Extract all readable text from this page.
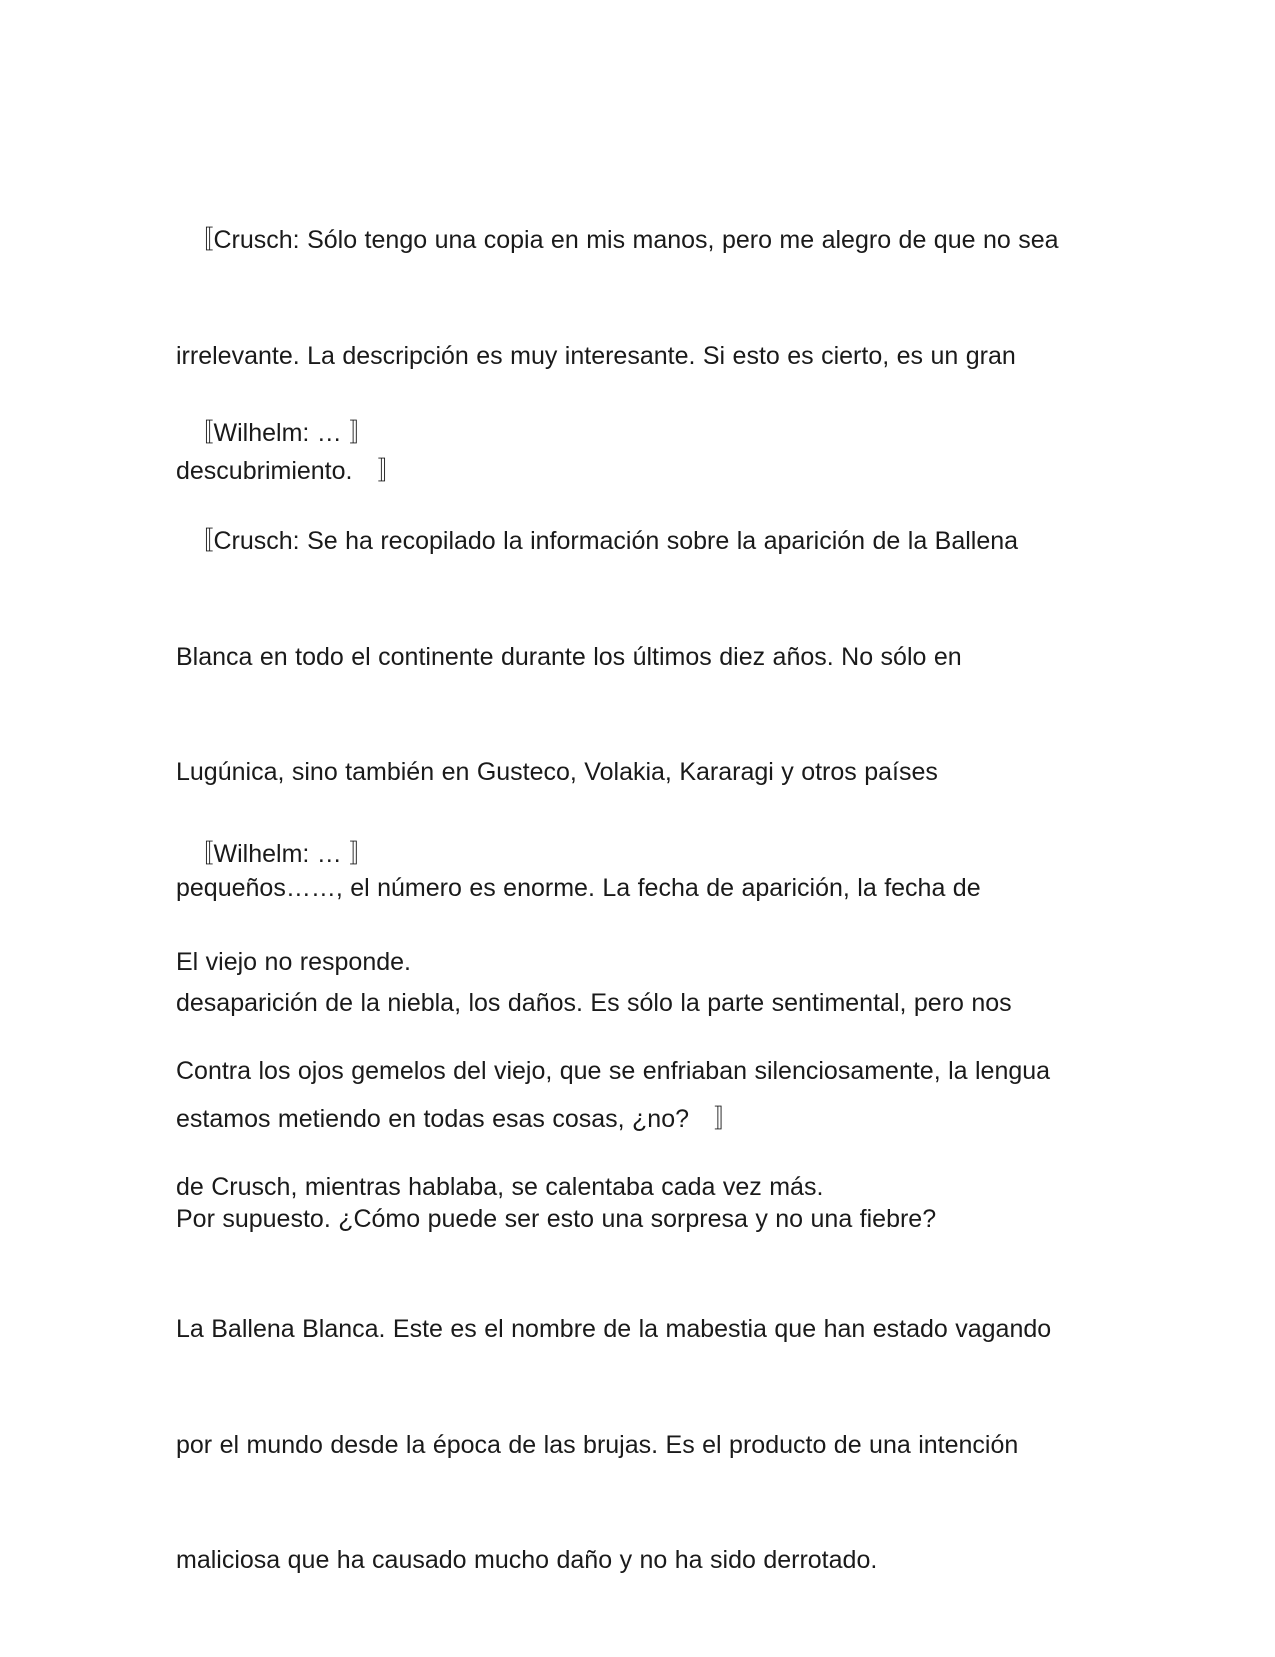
　〚Crusch: Sólo tengo una copia en mis manos, pero me alegro de que no sea

irrelevante. La descripción es muy interesante. Si esto es cierto, es un gran

descubrimiento.　〛

　〚Wilhelm: … 〛

　〚Crusch: Se ha recopilado la información sobre la aparición de la Ballena

Blanca en todo el continente durante los últimos diez años. No sólo en

Lugúnica, sino también en Gusteco, Volakia, Kararagi y otros países

pequeños……, el número es enorme. La fecha de aparición, la fecha de

desaparición de la niebla, los daños. Es sólo la parte sentimental, pero nos

estamos metiendo en todas esas cosas, ¿no?　〛

　〚Wilhelm: … 〛

El viejo no responde.

Contra los ojos gemelos del viejo, que se enfriaban silenciosamente, la lengua

de Crusch, mientras hablaba, se calentaba cada vez más.

Por supuesto. ¿Cómo puede ser esto una sorpresa y no una fiebre?

La Ballena Blanca. Este es el nombre de la mabestia que han estado vagando

por el mundo desde la época de las brujas. Es el producto de una intención

maliciosa que ha causado mucho daño y no ha sido derrotado.
